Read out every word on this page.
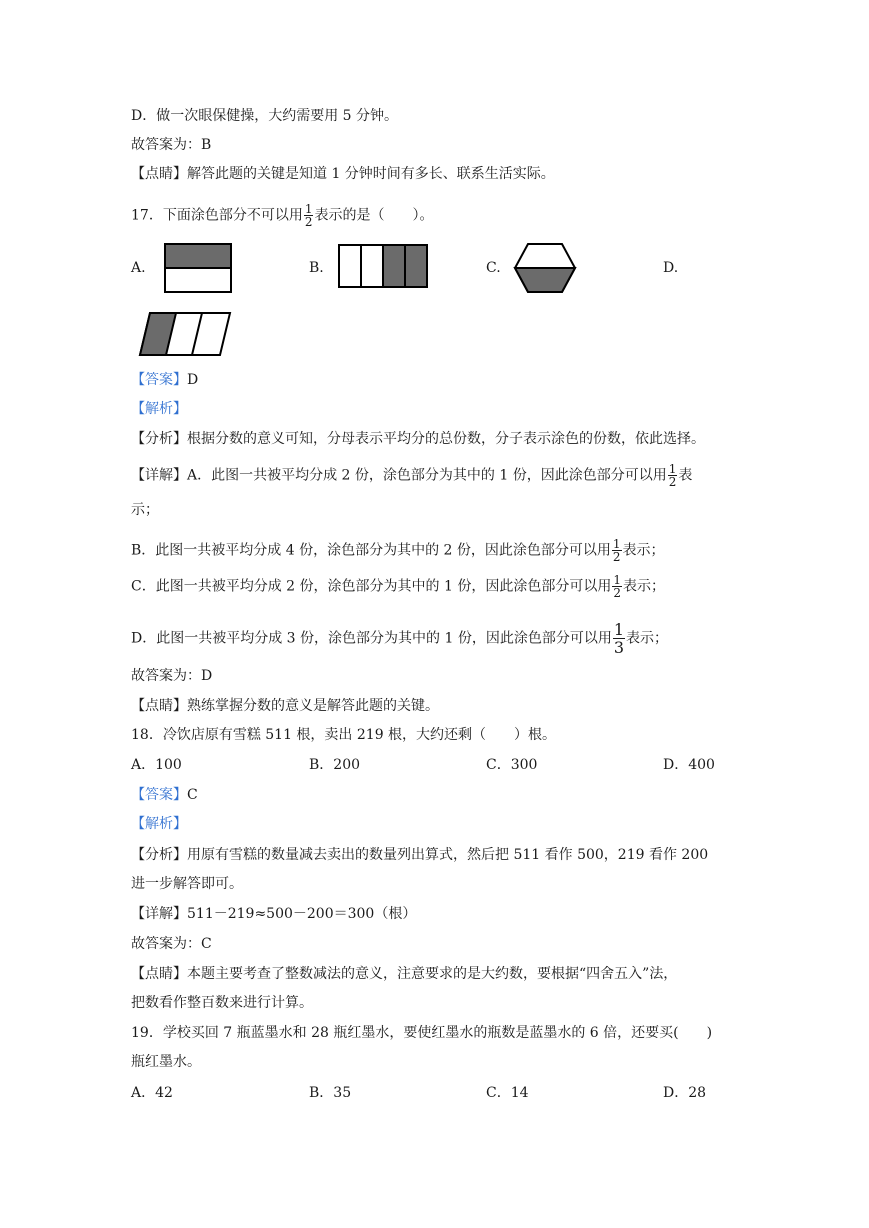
D．做一次眼保健操，大约需要用 5 分钟。
故答案为：B
【点睛】解答此题的关键是知道 1 分钟时间有多长、联系生活实际。
17．下面涂色部分不可以用 $\frac{1}{2}$ 表示的是（　　）。
A.	B.	C.	D.
【答案】D
【解析】
【分析】根据分数的意义可知，分母表示平均分的总份数，分子表示涂色的份数，依此选择。
【详解】A．此图一共被平均分成 2 份，涂色部分为其中的 1 份，因此涂色部分可以用 $\frac{1}{2}$ 表
示；
B．此图一共被平均分成 4 份，涂色部分为其中的 2 份，因此涂色部分可以用 $\frac{1}{2}$ 表示；
C．此图一共被平均分成 2 份，涂色部分为其中的 1 份，因此涂色部分可以用 $\frac{1}{2}$ 表示；
D．此图一共被平均分成 3 份，涂色部分为其中的 1 份，因此涂色部分可以用 $\frac{1}{3}$ 表示；
故答案为：D
【点睛】熟练掌握分数的意义是解答此题的关键。
18．冷饮店原有雪糕 511 根，卖出 219 根，大约还剩（　　）根。
A．100	B．200	C．300	D．400
【答案】C
【解析】
【分析】用原有雪糕的数量减去卖出的数量列出算式，然后把 511 看作 500，219 看作 200
进一步解答即可。
【详解】511－219≈500－200＝300（根）
故答案为：C
【点睛】本题主要考查了整数减法的意义，注意要求的是大约数，要根据“四舍五入”法，
把数看作整百数来进行计算。
19．学校买回 7 瓶蓝墨水和 28 瓶红墨水，要使红墨水的瓶数是蓝墨水的 6 倍，还要买(　　)
瓶红墨水。
A．42	B．35	C．14	D．28
